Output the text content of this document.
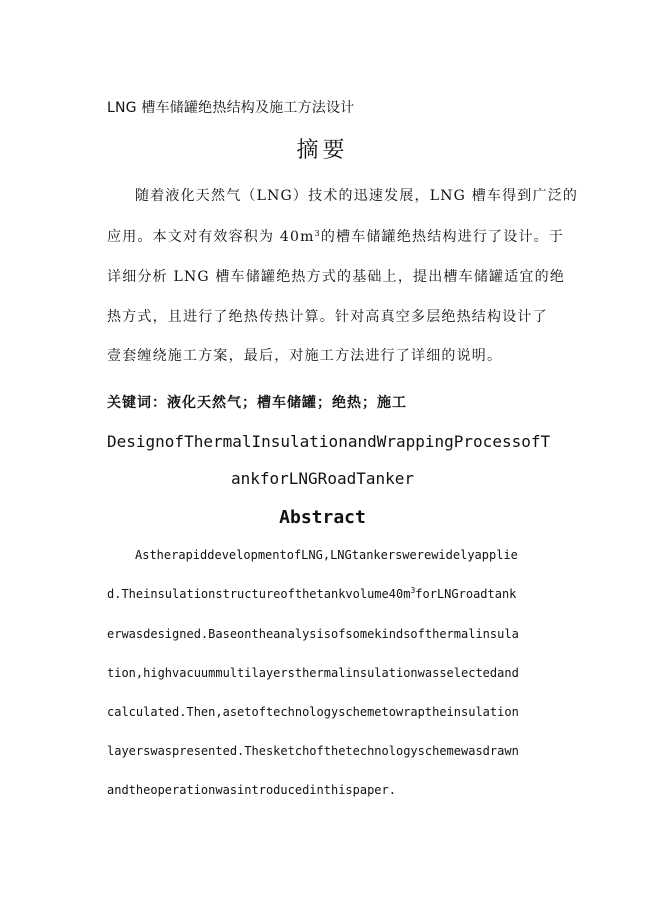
LNG 槽车储罐绝热结构及施工方法设计

摘要

随着液化天然气（LNG）技术的迅速发展，LNG 槽车得到广泛的

应用。本文对有效容积为 $40m^3$的槽车储罐绝热结构进行了设计。于

详细分析 LNG 槽车储罐绝热方式的基础上，提出槽车储罐适宜的绝

热方式，且进行了绝热传热计算。针对高真空多层绝热结构设计了

壹套缠绕施工方案，最后，对施工方法进行了详细的说明。

关键词：液化天然气；槽车储罐；绝热；施工

DesignofThermalInsulationandWrappingProcessofT

ankforLNGRoadTanker

Abstract

AstherapiddevelopmentofLNG,LNGtankerswerewidelyapplie

$d.Theinsulationstructureofthetankvolume40m^3forLNGroadtank$

erwasdesigned.Baseontheanalysisofsomekindsofthermalinsula

tion,highvacuummultilayersthermalinsulationwasselectedand

calculated.Then,asetoftechnologyschemetowraptheinsulation

layerswaspresented.Thesketchofthetechnologyschemewasdrawn

andtheoperationwasintroducedinthispaper.
